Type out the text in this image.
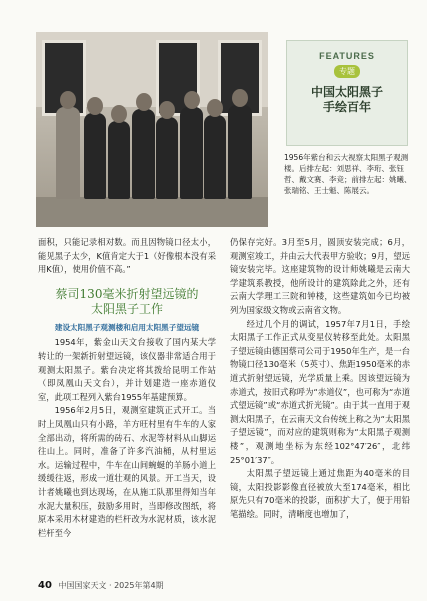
FEATURES
专题
中国太阳黑子
手绘百年
1956年紫台和云大视察太阳黑子观测楼。后排左起：刘思祥、李珩、张钰哲、戴文赛、李竞；前排左起：姚曦、张瑞铭、王士魁、陈展云。

面积，只能记录相对数。而且因物镜口径太小，能见黑子太少，K值肯定大于1（好像根本没有采用K值），使用价值不高。”

蔡司130毫米折射望远镜的
太阳黑子工作
建设太阳黑子观测楼和启用太阳黑子望远镜

1954年，紫金山天文台接收了国内某大学转让的一架新折射望远镜，该仪器非常适合用于观测太阳黑子。紫台决定将其拨给昆明工作站（即凤凰山天文台），并计划建造一座赤道仪室，此项工程列入紫台1955年基建预算。

1956年2月5日，观测室建筑正式开工。当时上凤凰山只有小路，羊方旺村里有牛车的人家全部出动，将所需的砖石、水泥等材料从山脚运往山上。同时，准备了许多汽油桶，从村里运水。运输过程中，牛车在山间蜿蜒的羊肠小道上缓缓往返，形成一道壮观的风景。开工当天，设计者姚曦也到达现场，在从施工队那里得知当年水泥大量积压，鼓励多用时，当即修改图纸，将原本采用木材建造的栏杆改为水泥材质，该水泥栏杆至今

仍保存完好。3月至5月，圆顶安装完成；6月，观测室竣工，并由云大代表甲方验收；9月，望远镜安装完毕。这座建筑物的设计师姚曦是云南大学建筑系教授，他所设计的建筑除此之外，还有云南大学理工三院和钟楼，这些建筑如今已均被列为国家级文物或云南省文物。

经过几个月的调试，1957年7月1日，手绘太阳黑子工作正式从变星仪转移至此处。太阳黑子望远镜由德国蔡司公司于1950年生产，是一台物镜口径130毫米（5英寸）、焦距1950毫米的赤道式折射望远镜，光学质量上乘。因该望远镜为赤道式，按旧式称呼为“赤道仪”，也可称为“赤道式望远镜”或“赤道式折光镜”。由于其一直用于观测太阳黑子，在云南天文台传统上称之为“太阳黑子望远镜”，而对应的建筑则称为“太阳黑子观测楼”，观测地坐标为东经102°47′26″，北纬25°01′37″。

太阳黑子望远镜上通过焦距为40毫米的目镜，太阳投影影像直径被放大至174毫米，相比原先只有70毫米的投影，面积扩大了，便于用铅笔描绘。同时，清晰度也增加了，

40 中国国家天文 · 2025年第4期
